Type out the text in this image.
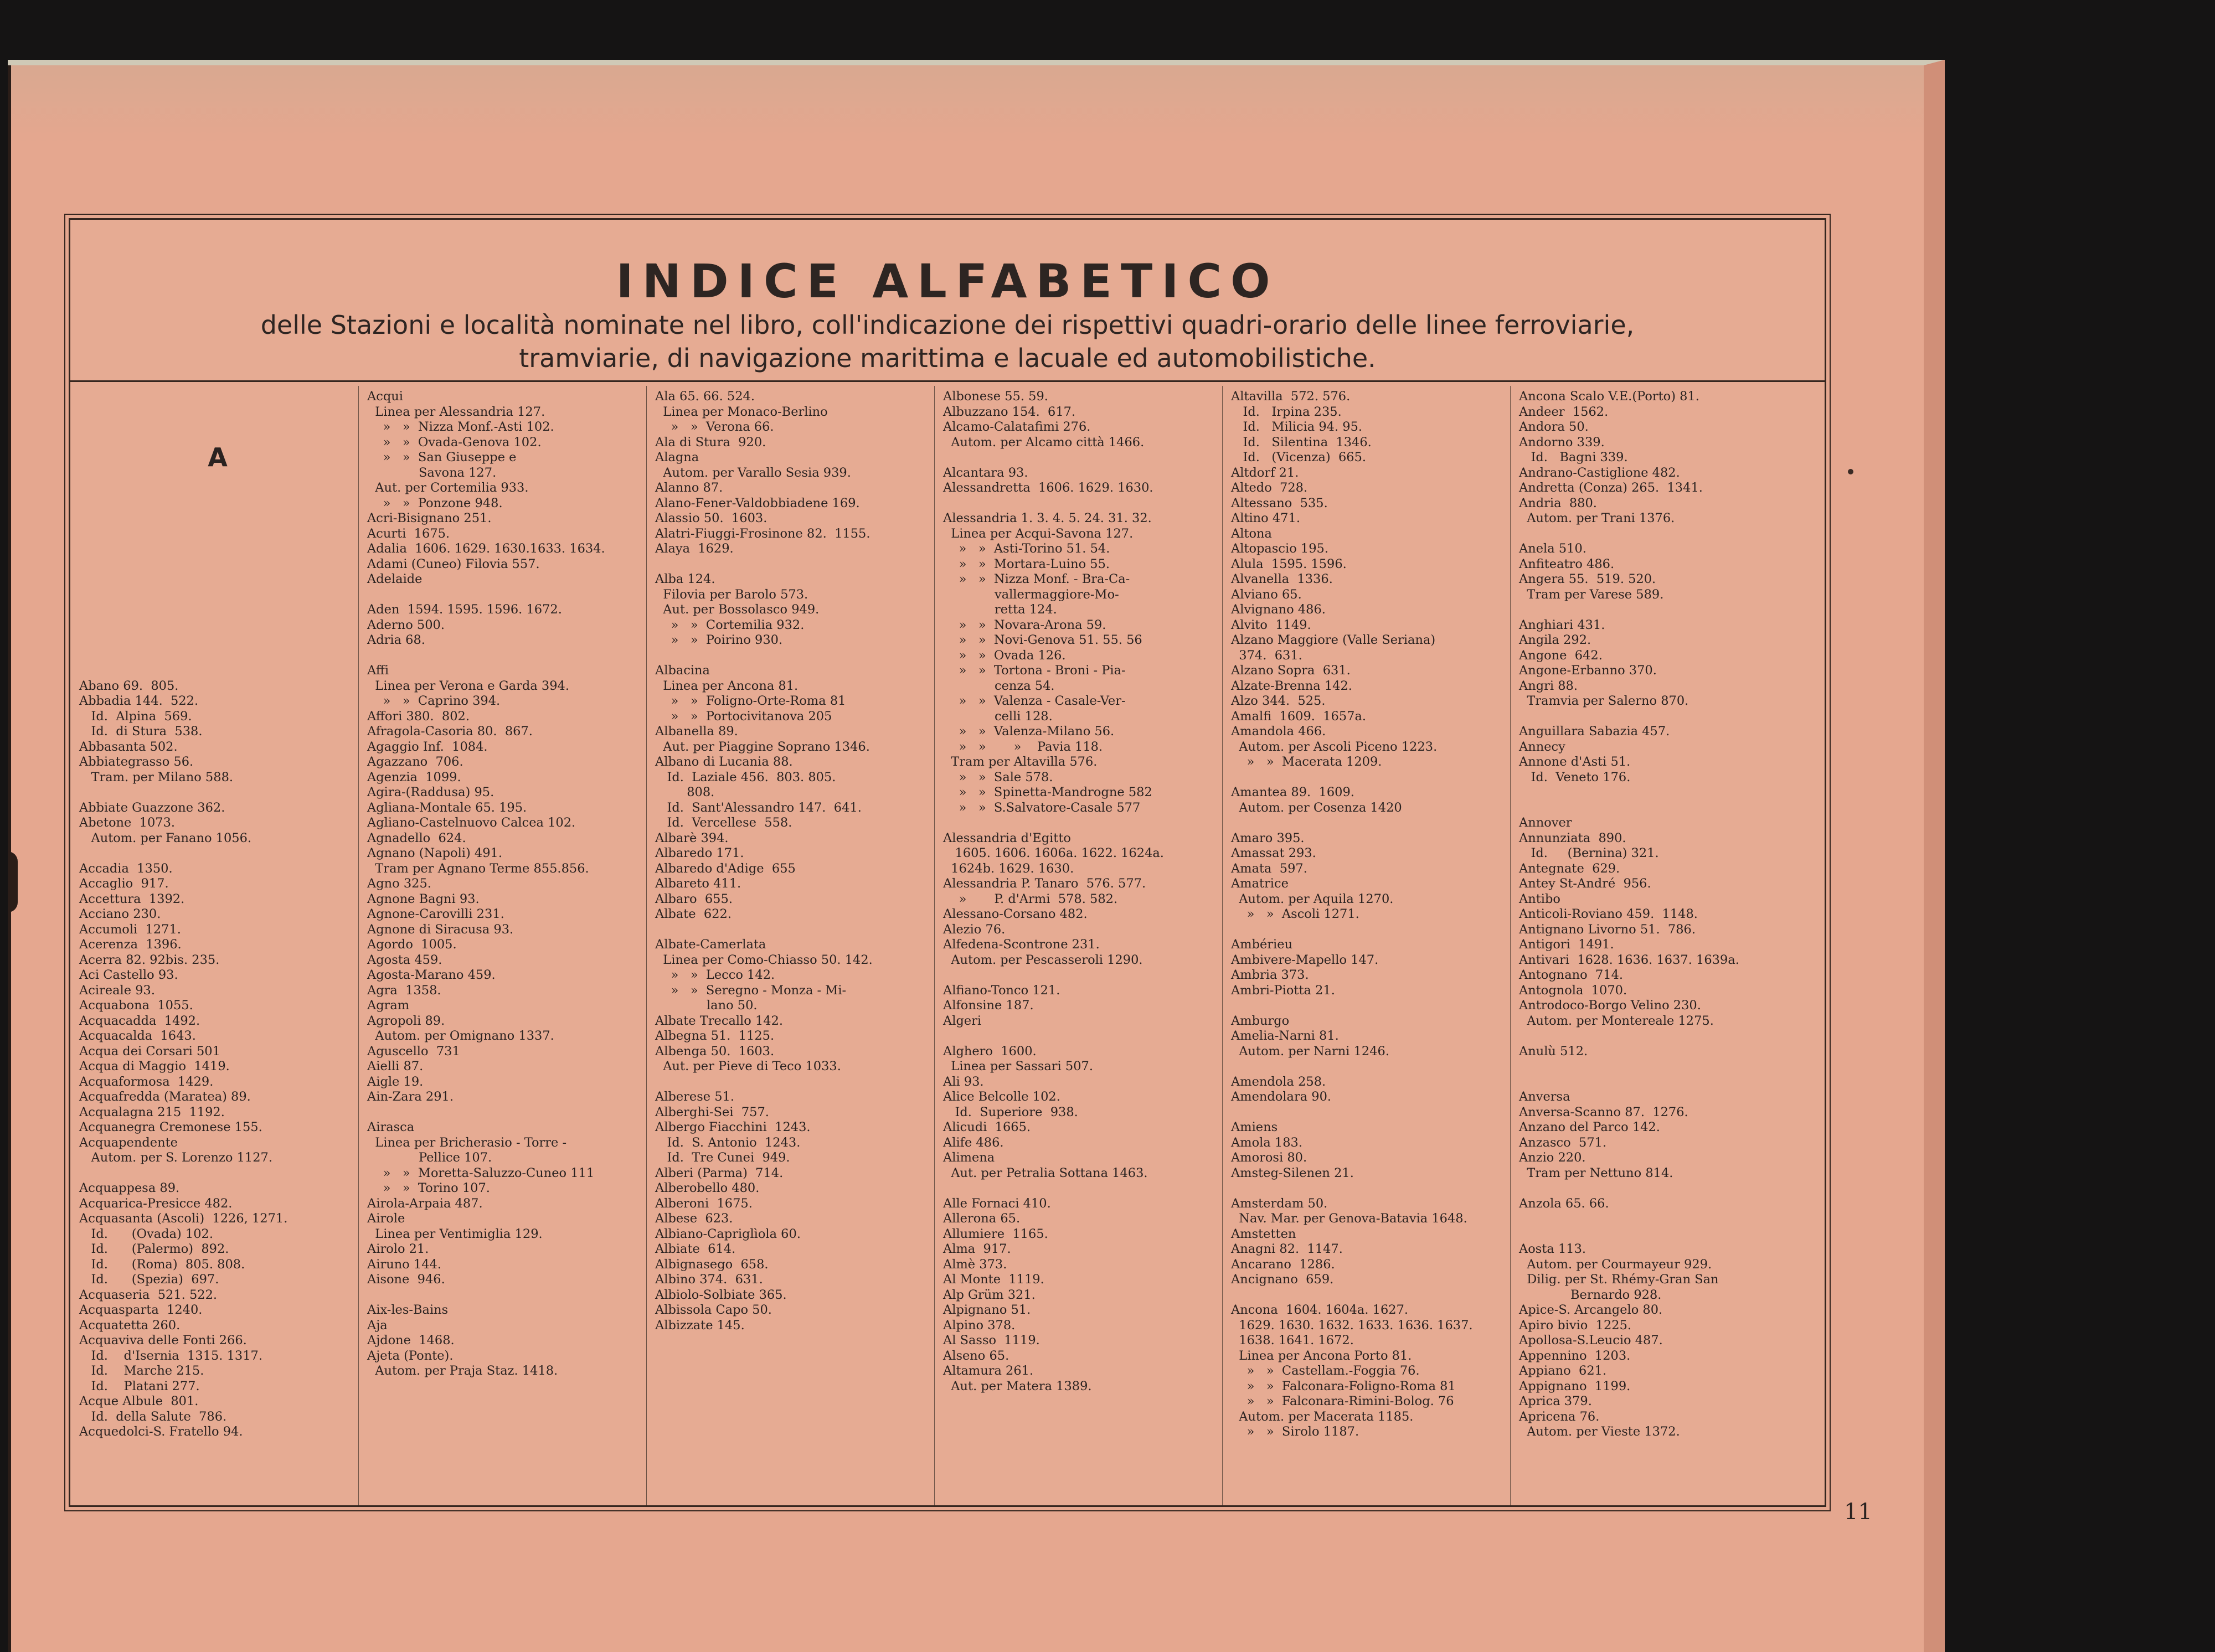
INDICE ALFABETICO
delle Stazioni e località nominate nel libro, coll'indicazione dei rispettivi quadri-orario delle linee ferroviarie,
tramviarie, di navigazione marittima e lacuale ed automobilistiche.

A

Abano 69.  805.
Abbadia 144.  522.
Id.  Alpina  569.
Id.  di Stura  538.
Abbasanta 502.
Abbiategrasso 56.
Tram. per Milano 588.

Abbiate Guazzone 362.
Abetone  1073.
Autom. per Fanano 1056.

Accadia  1350.
Accaglio  917.
Accettura  1392.
Acciano 230.
Accumoli  1271.
Acerenza  1396.
Acerra 82. 92bis. 235.
Aci Castello 93.
Acireale 93.
Acquabona  1055.
Acquacadda  1492.
Acquacalda  1643.
Acqua dei Corsari 501
Acqua di Maggio  1419.
Acquaformosa  1429.
Acquafredda (Maratea) 89.
Acqualagna 215  1192.
Acquanegra Cremonese 155.
Acquapendente
Autom. per S. Lorenzo 1127.

Acquappesa 89.
Acquarica-Presicce 482.
Acquasanta (Ascoli)  1226, 1271.
Id.      (Ovada) 102.
Id.      (Palermo)  892.
Id.      (Roma)  805. 808.
Id.      (Spezia)  697.
Acquaseria  521. 522.
Acquasparta  1240.
Acquatetta 260.
Acquaviva delle Fonti 266.
Id.    d'Isernia  1315. 1317.
Id.    Marche 215.
Id.    Platani 277.
Acque Albule  801.
Id.  della Salute  786.
Acquedolci-S. Fratello 94.
Acqui
Linea per Alessandria 127.
»   »  Nizza Monf.-Asti 102.
»   »  Ovada-Genova 102.
»   »  San Giuseppe e
Savona 127.
Aut. per Cortemilia 933.
»   »  Ponzone 948.
Acri-Bisignano 251.
Acurti  1675.
Adalia  1606. 1629. 1630.1633. 1634.
Adami (Cuneo) Filovia 557.
Adelaide

Aden  1594. 1595. 1596. 1672.
Aderno 500.
Adria 68.

Affi
Linea per Verona e Garda 394.
»   »  Caprino 394.
Affori 380.  802.
Afragola-Casoria 80.  867.
Agaggio Inf.  1084.
Agazzano  706.
Agenzia  1099.
Agira-(Raddusa) 95.
Agliana-Montale 65. 195.
Agliano-Castelnuovo Calcea 102.
Agnadello  624.
Agnano (Napoli) 491.
Tram per Agnano Terme 855.856.
Agno 325.
Agnone Bagni 93.
Agnone-Carovilli 231.
Agnone di Siracusa 93.
Agordo  1005.
Agosta 459.
Agosta-Marano 459.
Agra  1358.
Agram
Agropoli 89.
Autom. per Omignano 1337.
Aguscello  731
Aielli 87.
Aigle 19.
Ain-Zara 291.

Airasca
Linea per Bricherasio - Torre -
Pellice 107.
»   »  Moretta-Saluzzo-Cuneo 111
»   »  Torino 107.
Airola-Arpaia 487.
Airole
Linea per Ventimiglia 129.
Airolo 21.
Airuno 144.
Aisone  946.

Aix-les-Bains
Aja
Ajdone  1468.
Ajeta (Ponte).
Autom. per Praja Staz. 1418.
Ala 65. 66. 524.
Linea per Monaco-Berlino
»   »  Verona 66.
Ala di Stura  920.
Alagna
Autom. per Varallo Sesia 939.
Alanno 87.
Alano-Fener-Valdobbiadene 169.
Alassio 50.  1603.
Alatri-Fiuggi-Frosinone 82.  1155.
Alaya  1629.

Alba 124.
Filovia per Barolo 573.
Aut. per Bossolasco 949.
»   »  Cortemilia 932.
»   »  Poirino 930.

Albacina
Linea per Ancona 81.
»   »  Foligno-Orte-Roma 81
»   »  Portocivitanova 205
Albanella 89.
Aut. per Piaggine Soprano 1346.
Albano di Lucania 88.
Id.  Laziale 456.  803. 805.
808.
Id.  Sant'Alessandro 147.  641.
Id.  Vercellese  558.
Albarè 394.
Albaredo 171.
Albaredo d'Adige  655
Albareto 411.
Albaro  655.
Albate  622.

Albate-Camerlata
Linea per Como-Chiasso 50. 142.
»   »  Lecco 142.
»   »  Seregno - Monza - Mi-
lano 50.
Albate Trecallo 142.
Albegna 51.  1125.
Albenga 50.  1603.
Aut. per Pieve di Teco 1033.

Alberese 51.
Alberghi-Sei  757.
Albergo Fiacchini  1243.
Id.  S. Antonio  1243.
Id.  Tre Cunei  949.
Alberi (Parma)  714.
Alberobello 480.
Alberoni  1675.
Albese  623.
Albiano-Capriglìola 60.
Albiate  614.
Albignasego  658.
Albino 374.  631.
Albiolo-Solbiate 365.
Albissola Capo 50.
Albizzate 145.
Albonese 55. 59.
Albuzzano 154.  617.
Alcamo-Calatafimi 276.
Autom. per Alcamo città 1466.

Alcantara 93.
Alessandretta  1606. 1629. 1630.

Alessandria 1. 3. 4. 5. 24. 31. 32.
Linea per Acqui-Savona 127.
»   »  Asti-Torino 51. 54.
»   »  Mortara-Luino 55.
»   »  Nizza Monf. - Bra-Ca-
vallermaggiore-Mo-
retta 124.
»   »  Novara-Arona 59.
»   »  Novi-Genova 51. 55. 56
»   »  Ovada 126.
»   »  Tortona - Broni - Pia-
cenza 54.
»   »  Valenza - Casale-Ver-
celli 128.
»   »  Valenza-Milano 56.
»   »       »    Pavia 118.
Tram per Altavilla 576.
»   »  Sale 578.
»   »  Spinetta-Mandrogne 582
»   »  S.Salvatore-Casale 577

Alessandria d'Egitto
1605. 1606. 1606a. 1622. 1624a.
1624b. 1629. 1630.
Alessandria P. Tanaro  576. 577.
»       P. d'Armi  578. 582.
Alessano-Corsano 482.
Alezio 76.
Alfedena-Scontrone 231.
Autom. per Pescasseroli 1290.

Alfiano-Tonco 121.
Alfonsine 187.
Algeri

Alghero  1600.
Linea per Sassari 507.
Ali 93.
Alice Belcolle 102.
Id.  Superiore  938.
Alicudi  1665.
Alife 486.
Alimena
Aut. per Petralia Sottana 1463.

Alle Fornaci 410.
Allerona 65.
Allumiere  1165.
Alma  917.
Almè 373.
Al Monte  1119.
Alp Grüm 321.
Alpignano 51.
Alpino 378.
Al Sasso  1119.
Alseno 65.
Altamura 261.
Aut. per Matera 1389.
Altavilla  572. 576.
Id.   Irpina 235.
Id.   Milicia 94. 95.
Id.   Silentina  1346.
Id.   (Vicenza)  665.
Altdorf 21.
Altedo  728.
Altessano  535.
Altino 471.
Altona
Altopascio 195.
Alula  1595. 1596.
Alvanella  1336.
Alviano 65.
Alvignano 486.
Alvito  1149.
Alzano Maggiore (Valle Seriana)
374.  631.
Alzano Sopra  631.
Alzate-Brenna 142.
Alzo 344.  525.
Amalfi  1609.  1657a.
Amandola 466.
Autom. per Ascoli Piceno 1223.
»   »  Macerata 1209.

Amantea 89.  1609.
Autom. per Cosenza 1420

Amaro 395.
Amassat 293.
Amata  597.
Amatrice
Autom. per Aquila 1270.
»   »  Ascoli 1271.

Ambérieu
Ambivere-Mapello 147.
Ambria 373.
Ambri-Piotta 21.

Amburgo
Amelia-Narni 81.
Autom. per Narni 1246.

Amendola 258.
Amendolara 90.

Amiens
Amola 183.
Amorosi 80.
Amsteg-Silenen 21.

Amsterdam 50.
Nav. Mar. per Genova-Batavia 1648.
Amstetten
Anagni 82.  1147.
Ancarano  1286.
Ancignano  659.

Ancona  1604. 1604a. 1627.
1629. 1630. 1632. 1633. 1636. 1637.
1638. 1641. 1672.
Linea per Ancona Porto 81.
»   »  Castellam.-Foggia 76.
»   »  Falconara-Foligno-Roma 81
»   »  Falconara-Rimini-Bolog. 76
Autom. per Macerata 1185.
»   »  Sirolo 1187.
Ancona Scalo V.E.(Porto) 81.
Andeer  1562.
Andora 50.
Andorno 339.
Id.   Bagni 339.
Andrano-Castiglione 482.
Andretta (Conza) 265.  1341.
Andria  880.
Autom. per Trani 1376.

Anela 510.
Anfiteatro 486.
Angera 55.  519. 520.
Tram per Varese 589.

Anghiari 431.
Angila 292.
Angone  642.
Angone-Erbanno 370.
Angri 88.
Tramvia per Salerno 870.

Anguillara Sabazia 457.
Annecy
Annone d'Asti 51.
Id.  Veneto 176.

Annover
Annunziata  890.
Id.     (Bernina) 321.
Antegnate  629.
Antey St-André  956.
Antibo
Anticoli-Roviano 459.  1148.
Antignano Livorno 51.  786.
Antigori  1491.
Antivari  1628. 1636. 1637. 1639a.
Antognano  714.
Antognola  1070.
Antrodoco-Borgo Velino 230.
Autom. per Montereale 1275.

Anulù 512.

Anversa
Anversa-Scanno 87.  1276.
Anzano del Parco 142.
Anzasco  571.
Anzio 220.
Tram per Nettuno 814.

Anzola 65. 66.

Aosta 113.
Autom. per Courmayeur 929.
Dilig. per St. Rhémy-Gran San
Bernardo 928.
Apice-S. Arcangelo 80.
Apiro bivio  1225.
Apollosa-S.Leucio 487.
Appennino  1203.
Appiano  621.
Appignano  1199.
Aprica 379.
Apricena 76.
Autom. per Vieste 1372.
11
